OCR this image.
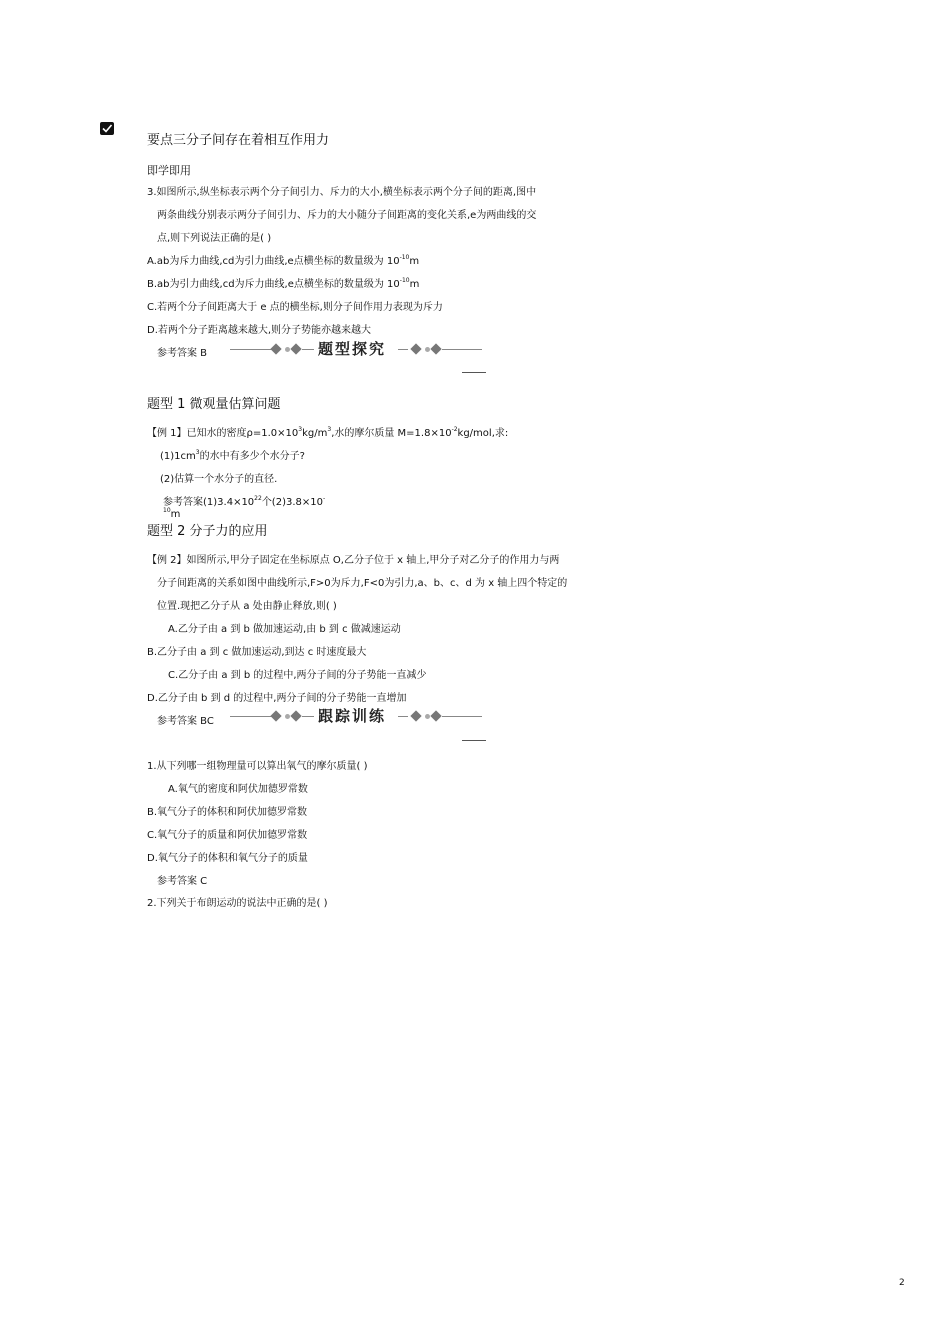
要点三分子间存在着相互作用力
即学即用
3.如图所示,纵坐标表示两个分子间引力、斥力的大小,横坐标表示两个分子间的距离,图中
两条曲线分别表示两分子间引力、斥力的大小随分子间距离的变化关系,e为两曲线的交
点,则下列说法正确的是( )
A.ab为斥力曲线,cd为引力曲线,e点横坐标的数量级为 $10^{-10}m$
B.ab为引力曲线,cd为斥力曲线,e点横坐标的数量级为 $10^{-10}m$
C.若两个分子间距离大于 e 点的横坐标,则分子间作用力表现为斥力
D.若两个分子距离越来越大,则分子势能亦越来越大
参考答案 B	题型探究
题型 1 微观量估算问题
【例 1】已知水的密度$\rho=1.0\times 10^3kg/m^3$,水的摩尔质量 $M=1.8\times 10^{-2}kg$/mol,求:
$(1)1cm^3$的水中有多少个水分子?
(2)估算一个水分子的直径.
参考答案$(1)3.4\times 10^{22}$个(2)3.8×10-
$^{10}$m
题型 2 分子力的应用
【例 2】如图所示,甲分子固定在坐标原点 O,乙分子位于 x 轴上,甲分子对乙分子的作用力与两
分子间距离的关系如图中曲线所示,F>0为斥力,F<0为引力,a、b、c、d 为 x 轴上四个特定的
位置.现把乙分子从 a 处由静止释放,则( )
A.乙分子由 a 到 b 做加速运动,由 b 到 c 做减速运动
B.乙分子由 a 到 c 做加速运动,到达 c 时速度最大
C.乙分子由 a 到 b 的过程中,两分子间的分子势能一直减少
D.乙分子由 b 到 d 的过程中,两分子间的分子势能一直增加
参考答案 BC	跟踪训练
1.从下列哪一组物理量可以算出氧气的摩尔质量( )
A.氧气的密度和阿伏加德罗常数
B.氧气分子的体积和阿伏加德罗常数
C.氧气分子的质量和阿伏加德罗常数
D.氧气分子的体积和氧气分子的质量
参考答案 C
2.下列关于布朗运动的说法中正确的是( )
2
